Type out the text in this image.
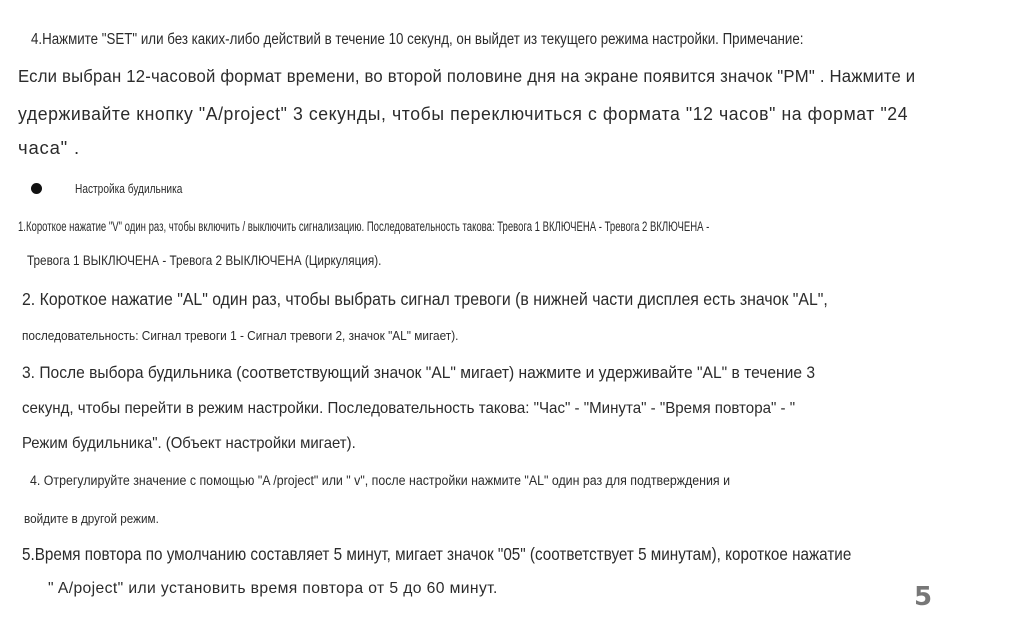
4.Нажмите "SET" или без каких-либо действий в течение 10 секунд, он выйдет из текущего режима настройки. Примечание:
Если выбран 12-часовой формат времени, во второй половине дня на экране появится значок "PM" . Нажмите и
удерживайте кнопку "A/project" 3 секунды, чтобы переключиться с формата "12 часов" на формат "24
часа" .
Настройка будильника
1.Короткое нажатие "V" один раз, чтобы включить / выключить сигнализацию. Последовательность такова: Тревога 1 ВКЛЮЧЕНА - Тревога 2 ВКЛЮЧЕНА -
Тревога 1 ВЫКЛЮЧЕНА - Тревога 2 ВЫКЛЮЧЕНА (Циркуляция).
2. Короткое нажатие "AL" один раз, чтобы выбрать сигнал тревоги (в нижней части дисплея есть значок "AL",
последовательность: Сигнал тревоги 1 - Сигнал тревоги 2, значок "AL" мигает).
3. После выбора будильника (соответствующий значок "AL" мигает) нажмите и удерживайте "AL" в течение 3
секунд, чтобы перейти в режим настройки. Последовательность такова: "Час" - "Минута" - "Время повтора" - "
Режим будильника". (Объект настройки мигает).
4. Отрегулируйте значение с помощью "A /project" или " v", после настройки нажмите "AL" один раз для подтверждения и
войдите в другой режим.
5.Время повтора по умолчанию составляет 5 минут, мигает значок "05" (соответствует 5 минутам), короткое нажатие
" A/poject" или установить время повтора от 5 до 60 минут.	5
